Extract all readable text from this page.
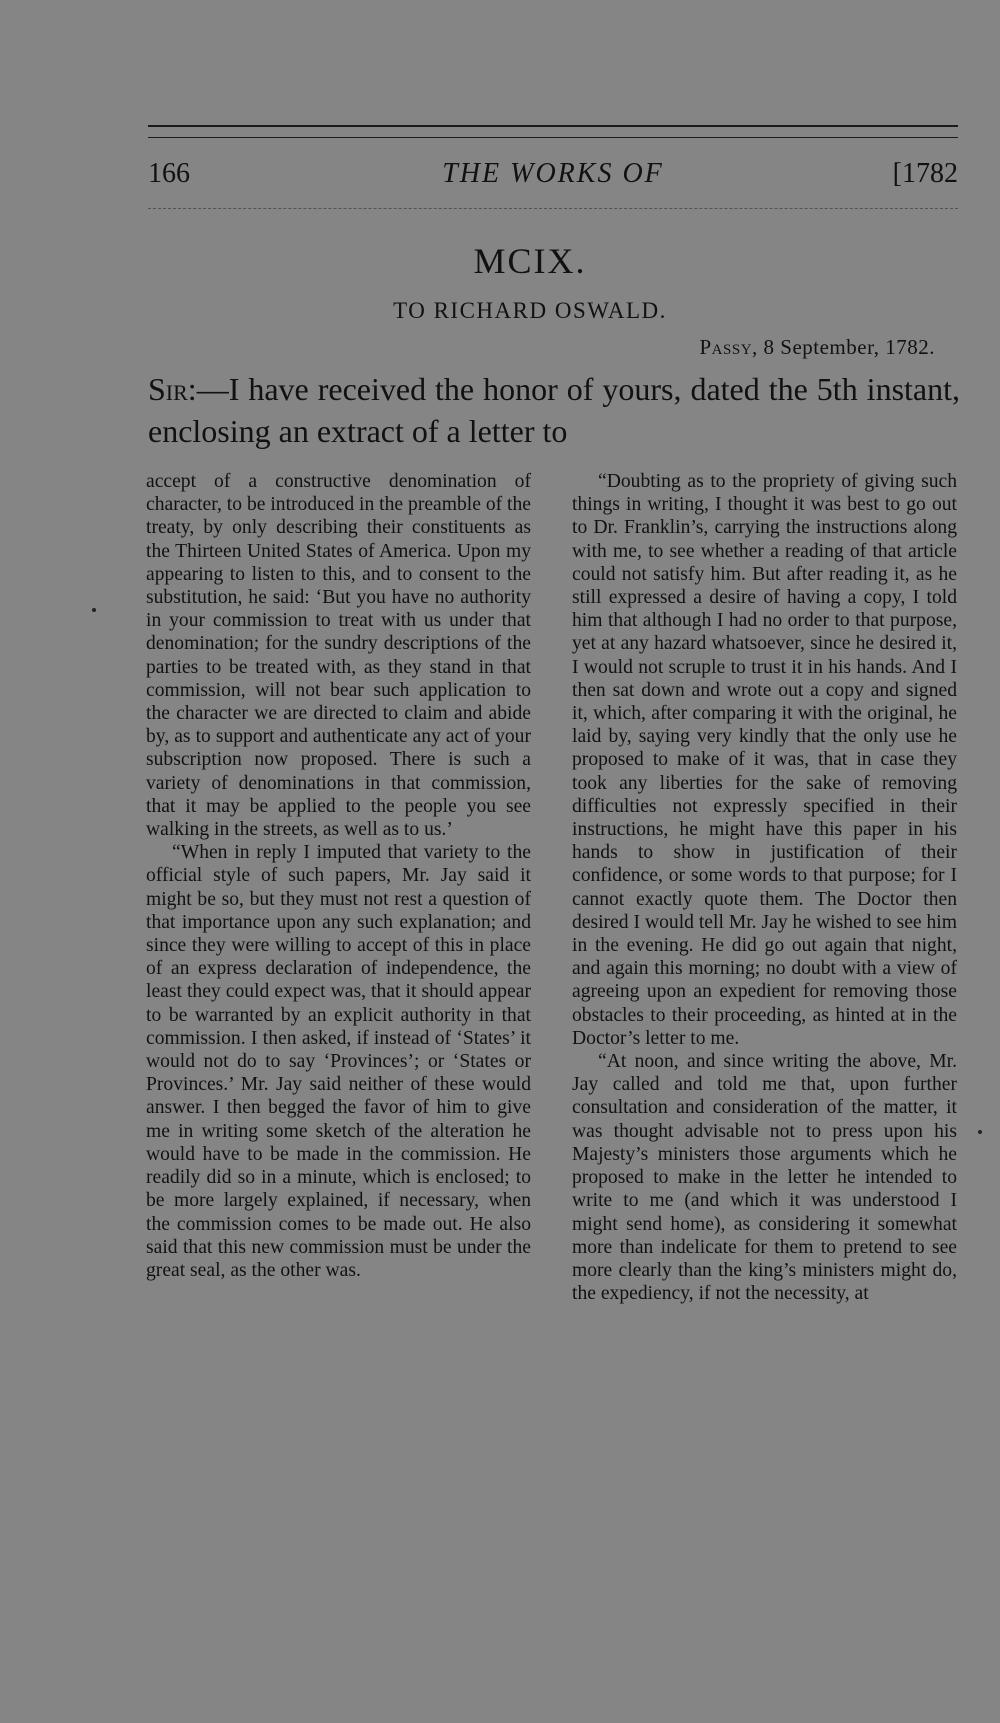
166	THE WORKS OF	[1782
MCIX.
TO RICHARD OSWALD.
Passy, 8 September, 1782.
Sir:—I have received the honor of yours, dated the 5th instant, enclosing an extract of a letter to

accept of a constructive denomination of character, to be introduced in the preamble of the treaty, by only describing their constituents as the Thirteen United States of America. Upon my appearing to listen to this, and to consent to the substitution, he said: ‘But you have no authority in your commission to treat with us under that denomination; for the sundry descriptions of the parties to be treated with, as they stand in that commission, will not bear such application to the character we are directed to claim and abide by, as to support and authenticate any act of your subscription now proposed. There is such a variety of denominations in that commission, that it may be applied to the people you see walking in the streets, as well as to us.’

“When in reply I imputed that variety to the official style of such papers, Mr. Jay said it might be so, but they must not rest a question of that importance upon any such explanation; and since they were willing to accept of this in place of an express declaration of independence, the least they could expect was, that it should appear to be warranted by an explicit authority in that commission. I then asked, if instead of ‘States’ it would not do to say ‘Provinces’; or ‘States or Provinces.’ Mr. Jay said neither of these would answer. I then begged the favor of him to give me in writing some sketch of the alteration he would have to be made in the commission. He readily did so in a minute, which is enclosed; to be more largely explained, if necessary, when the commission comes to be made out. He also said that this new commission must be under the great seal, as the other was.

“Doubting as to the propriety of giving such things in writing, I thought it was best to go out to Dr. Franklin’s, carrying the instructions along with me, to see whether a reading of that article could not satisfy him. But after reading it, as he still expressed a desire of having a copy, I told him that although I had no order to that purpose, yet at any hazard whatsoever, since he desired it, I would not scruple to trust it in his hands. And I then sat down and wrote out a copy and signed it, which, after comparing it with the original, he laid by, saying very kindly that the only use he proposed to make of it was, that in case they took any liberties for the sake of removing difficulties not expressly specified in their instructions, he might have this paper in his hands to show in justification of their confidence, or some words to that purpose; for I cannot exactly quote them. The Doctor then desired I would tell Mr. Jay he wished to see him in the evening. He did go out again that night, and again this morning; no doubt with a view of agreeing upon an expedient for removing those obstacles to their proceeding, as hinted at in the Doctor’s letter to me.

“At noon, and since writing the above, Mr. Jay called and told me that, upon further consultation and consideration of the matter, it was thought advisable not to press upon his Majesty’s ministers those arguments which he proposed to make in the letter he intended to write to me (and which it was understood I might send home), as considering it somewhat more than indelicate for them to pretend to see more clearly than the king’s ministers might do, the expediency, if not the necessity, at
